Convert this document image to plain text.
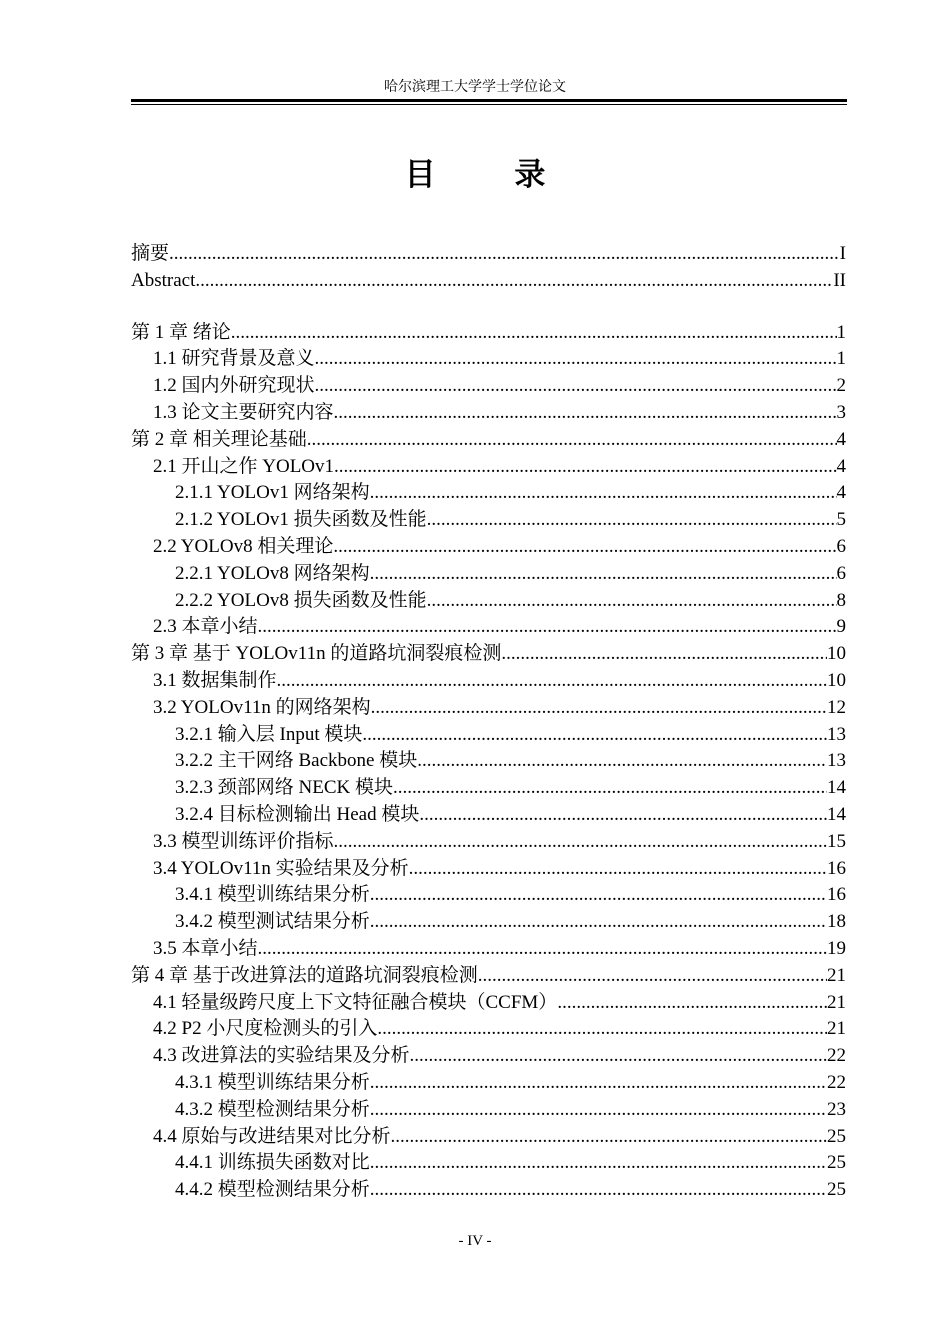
哈尔滨理工大学学士学位论文
目 录
摘要 .....	I
Abstract .....	II
第 1 章 绪论 .....	1
1.1 研究背景及意义 .....	1
1.2 国内外研究现状 .....	2
1.3 论文主要研究内容 .....	3
第 2 章 相关理论基础 .....	4
2.1 开山之作 YOLOv1 .....	4
2.1.1 YOLOv1 网络架构 .....	4
2.1.2 YOLOv1 损失函数及性能 .....	5
2.2 YOLOv8 相关理论 .....	6
2.2.1 YOLOv8 网络架构 .....	6
2.2.2 YOLOv8 损失函数及性能 .....	8
2.3 本章小结 .....	9
第 3 章 基于 YOLOv11n 的道路坑洞裂痕检测 .....	10
3.1 数据集制作 .....	10
3.2 YOLOv11n 的网络架构 .....	12
3.2.1 输入层 Input 模块 .....	13
3.2.2 主干网络 Backbone 模块 .....	13
3.2.3 颈部网络 NECK 模块 .....	14
3.2.4 目标检测输出 Head 模块 .....	14
3.3 模型训练评价指标 .....	15
3.4 YOLOv11n 实验结果及分析 .....	16
3.4.1 模型训练结果分析 .....	16
3.4.2 模型测试结果分析 .....	18
3.5 本章小结 .....	19
第 4 章 基于改进算法的道路坑洞裂痕检测 .....	21
4.1 轻量级跨尺度上下文特征融合模块（CCFM） .....	21
4.2 P2 小尺度检测头的引入 .....	21
4.3 改进算法的实验结果及分析 .....	22
4.3.1 模型训练结果分析 .....	22
4.3.2 模型检测结果分析 .....	23
4.4 原始与改进结果对比分析 .....	25
4.4.1 训练损失函数对比 .....	25
4.4.2 模型检测结果分析 .....	25
- IV -
